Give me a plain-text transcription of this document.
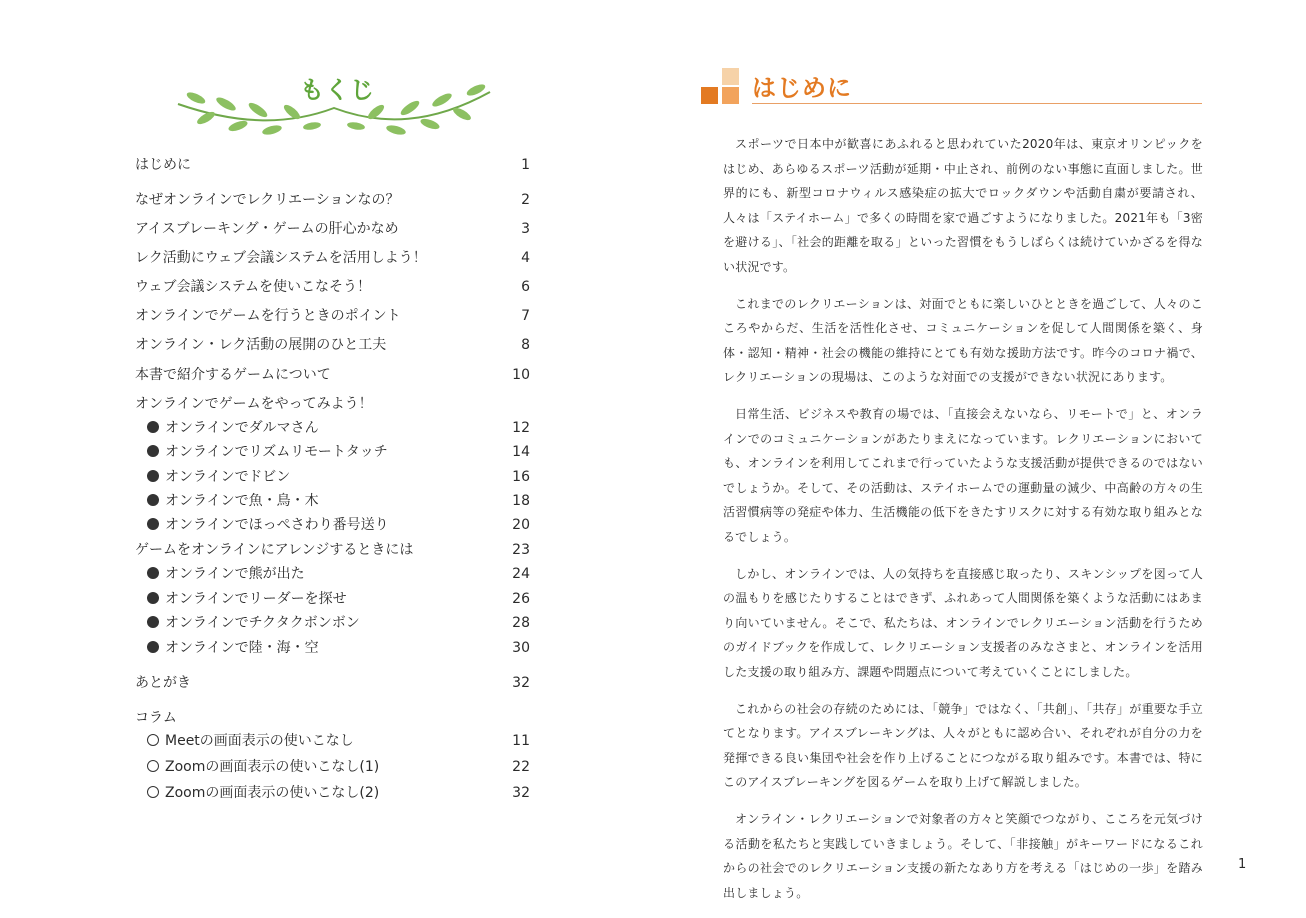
もくじ
はじめに	1
なぜオンラインでレクリエーションなの？	2
アイスブレーキング・ゲームの肝心かなめ	3
レク活動にウェブ会議システムを活用しよう！	4
ウェブ会議システムを使いこなそう！	6
オンラインでゲームを行うときのポイント	7
オンライン・レク活動の展開のひと工夫	8
本書で紹介するゲームについて	10
オンラインでゲームをやってみよう！
オンラインでダルマさん	12
オンラインでリズムリモートタッチ	14
オンラインでドビン	16
オンラインで魚・鳥・木	18
オンラインでほっぺさわり番号送り	20
ゲームをオンラインにアレンジするときには	23
オンラインで熊が出た	24
オンラインでリーダーを探せ	26
オンラインでチクタクボンボン	28
オンラインで陸・海・空	30
あとがき	32
コラム
Meetの画面表示の使いこなし	11
Zoomの画面表示の使いこなし(1)	22
Zoomの画面表示の使いこなし(2)	32
はじめに

スポーツで日本中が歓喜にあふれると思われていた2020年は、東京オリンピックをはじめ、あらゆるスポーツ活動が延期・中止され、前例のない事態に直面しました。世界的にも、新型コロナウィルス感染症の拡大でロックダウンや活動自粛が要請され、人々は「ステイホーム」で多くの時間を家で過ごすようになりました。2021年も「3密を避ける」、「社会的距離を取る」といった習慣をもうしばらくは続けていかざるを得ない状況です。

これまでのレクリエーションは、対面でともに楽しいひとときを過ごして、人々のこころやからだ、生活を活性化させ、コミュニケーションを促して人間関係を築く、身体・認知・精神・社会の機能の維持にとても有効な援助方法です。昨今のコロナ禍で、レクリエーションの現場は、このような対面での支援ができない状況にあります。

日常生活、ビジネスや教育の場では、「直接会えないなら、リモートで」と、オンラインでのコミュニケーションがあたりまえになっています。レクリエーションにおいても、オンラインを利用してこれまで行っていたような支援活動が提供できるのではないでしょうか。そして、その活動は、ステイホームでの運動量の減少、中高齢の方々の生活習慣病等の発症や体力、生活機能の低下をきたすリスクに対する有効な取り組みとなるでしょう。

しかし、オンラインでは、人の気持ちを直接感じ取ったり、スキンシップを図って人の温もりを感じたりすることはできず、ふれあって人間関係を築くような活動にはあまり向いていません。そこで、私たちは、オンラインでレクリエーション活動を行うためのガイドブックを作成して、レクリエーション支援者のみなさまと、オンラインを活用した支援の取り組み方、課題や問題点について考えていくことにしました。

これからの社会の存続のためには、「競争」ではなく、「共創」、「共存」が重要な手立てとなります。アイスブレーキングは、人々がともに認め合い、それぞれが自分の力を発揮できる良い集団や社会を作り上げることにつながる取り組みです。本書では、特にこのアイスブレーキングを図るゲームを取り上げて解説しました。

オンライン・レクリエーションで対象者の方々と笑顔でつながり、こころを元気づける活動を私たちと実践していきましょう。そして、「非接触」がキーワードになるこれからの社会でのレクリエーション支援の新たなあり方を考える「はじめの一歩」を踏み出しましょう。

1
